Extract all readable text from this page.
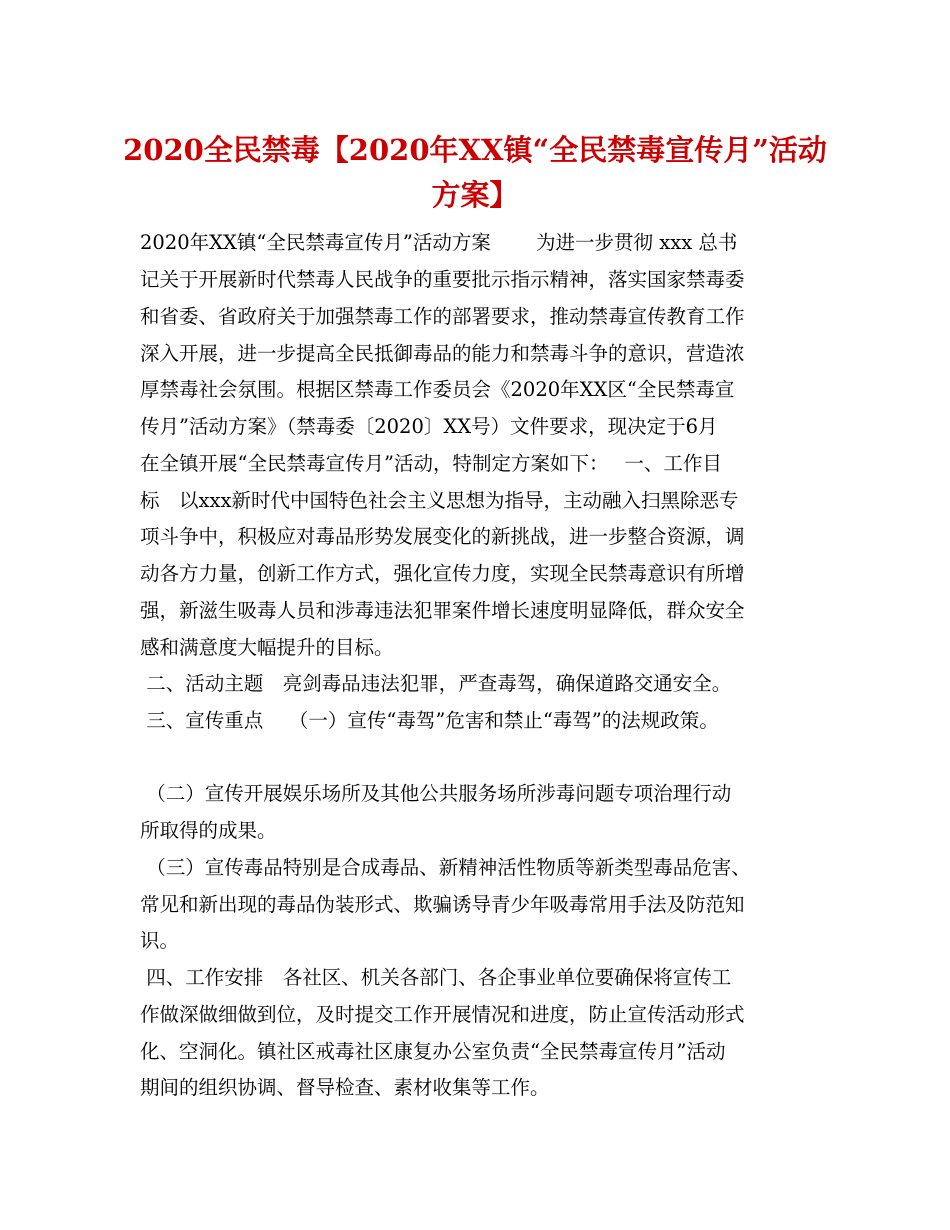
2020全民禁毒【2020年XX镇“全民禁毒宣传月”活动
方案】
2020年XX镇“全民禁毒宣传月”活动方案　　 为进一步贯彻 xxx 总书
记关于开展新时代禁毒人民战争的重要批示指示精神，落实国家禁毒委
和省委、省政府关于加强禁毒工作的部署要求，推动禁毒宣传教育工作
深入开展，进一步提高全民抵御毒品的能力和禁毒斗争的意识，营造浓
厚禁毒社会氛围。根据区禁毒工作委员会《2020年XX区“全民禁毒宣
传月”活动方案》（禁毒委〔2020〕XX号）文件要求，现决定于6月
在全镇开展“全民禁毒宣传月”活动，特制定方案如下：　 一、工作目
标　以xxx新时代中国特色社会主义思想为指导，主动融入扫黑除恶专
项斗争中，积极应对毒品形势发展变化的新挑战，进一步整合资源，调
动各方力量，创新工作方式，强化宣传力度，实现全民禁毒意识有所增
强，新滋生吸毒人员和涉毒违法犯罪案件增长速度明显降低，群众安全
感和满意度大幅提升的目标。
二、活动主题　亮剑毒品违法犯罪，严查毒驾，确保道路交通安全。
三、宣传重点　 （一）宣传“毒驾”危害和禁止“毒驾”的法规政策。
（二）宣传开展娱乐场所及其他公共服务场所涉毒问题专项治理行动
所取得的成果。
（三）宣传毒品特别是合成毒品、新精神活性物质等新类型毒品危害、
常见和新出现的毒品伪装形式、欺骗诱导青少年吸毒常用手法及防范知
识。
四、工作安排　各社区、机关各部门、各企事业单位要确保将宣传工
作做深做细做到位，及时提交工作开展情况和进度，防止宣传活动形式
化、空洞化。镇社区戒毒社区康复办公室负责“全民禁毒宣传月”活动
期间的组织协调、督导检查、素材收集等工作。
